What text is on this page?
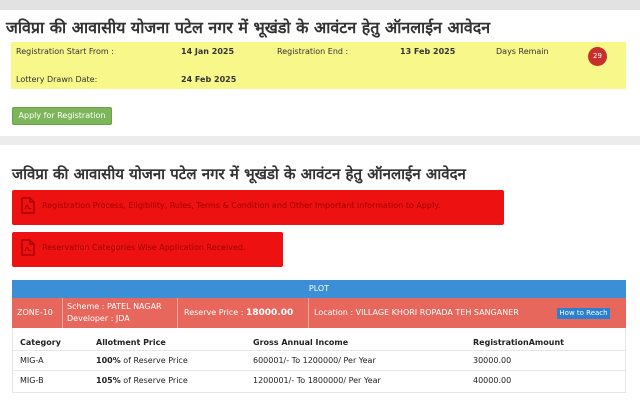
जविप्रा की आवासीय योजना पटेल नगर में भूखंडो के आवंटन हेतु ऑनलाईन आवेदन
Registration Start From :	14 Jan 2025	Registration End :	13 Feb 2025	Days Remain	29
Lottery Drawn Date:	24 Feb 2025
Apply for Registration
जविप्रा की आवासीय योजना पटेल नगर में भूखंडो के आवंटन हेतु ऑनलाईन आवेदन
Registration Process, Eligibility, Rules, Terms & Condition and Other Important information to Apply.
Reservation Categories Wise Application Received.
PLOT
ZONE-10
Scheme : PATEL NAGAR
Developer : JDA
Reserve Price : 18000.00	Location : VILLAGE KHORI ROPADA TEH SANGANER	How to Reach
Category	Allotment Price	Gross Annual Income	RegistrationAmount
MIG-A	100% of Reserve Price	600001/- To 1200000/ Per Year	30000.00
MIG-B	105% of Reserve Price	1200001/- To 1800000/ Per Year	40000.00
